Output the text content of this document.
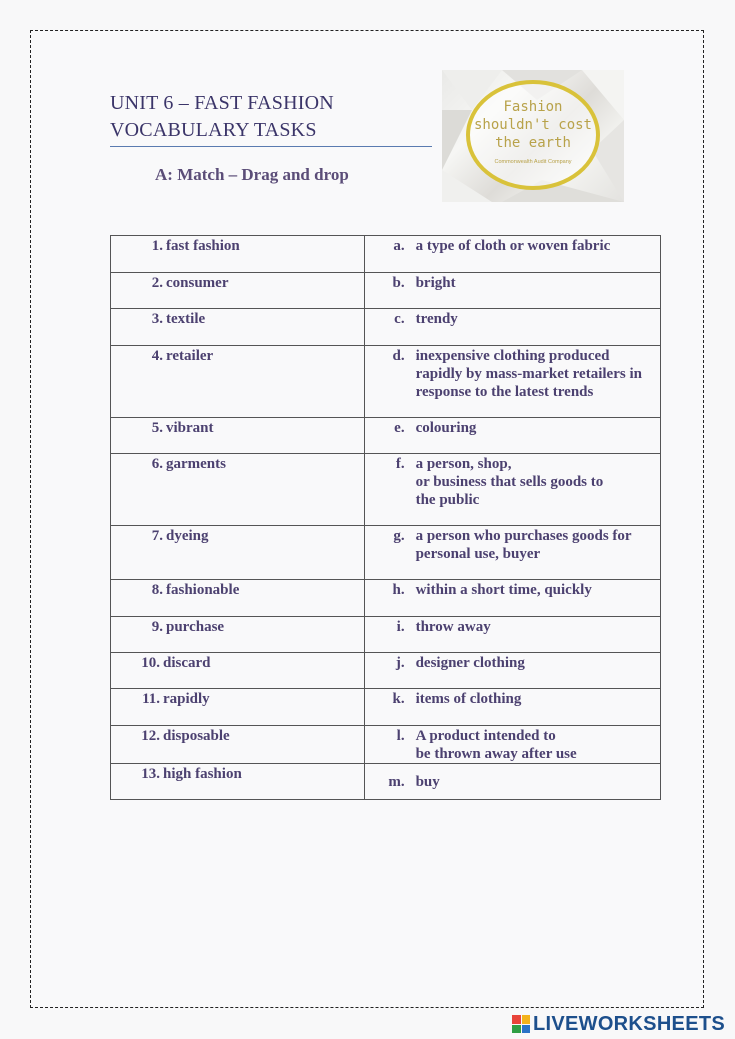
UNIT 6 – FAST FASHION
VOCABULARY TASKS
A: Match – Drag and drop
Fashion
shouldn't cost
the earth
Commonwealth Audit Company
1. fast fashion	a. a type of cloth or woven fabric

2. consumer	b. bright

3. textile	c. trendy

4. retailer	d. inexpensive clothing produced
rapidly by mass-market retailers in
response to the latest trends

5. vibrant	e. colouring

6. garments	f. a person, shop,
or business that sells goods to
the public

7. dyeing	g. a person who purchases goods for
personal use, buyer

8. fashionable	h. within a short time, quickly

9. purchase	i. throw away

10. discard	j. designer clothing

11. rapidly	k. items of clothing

12. disposable	l. A product intended to
be thrown away after use

13. high fashion	m. buy
LIVEWORKSHEETS
